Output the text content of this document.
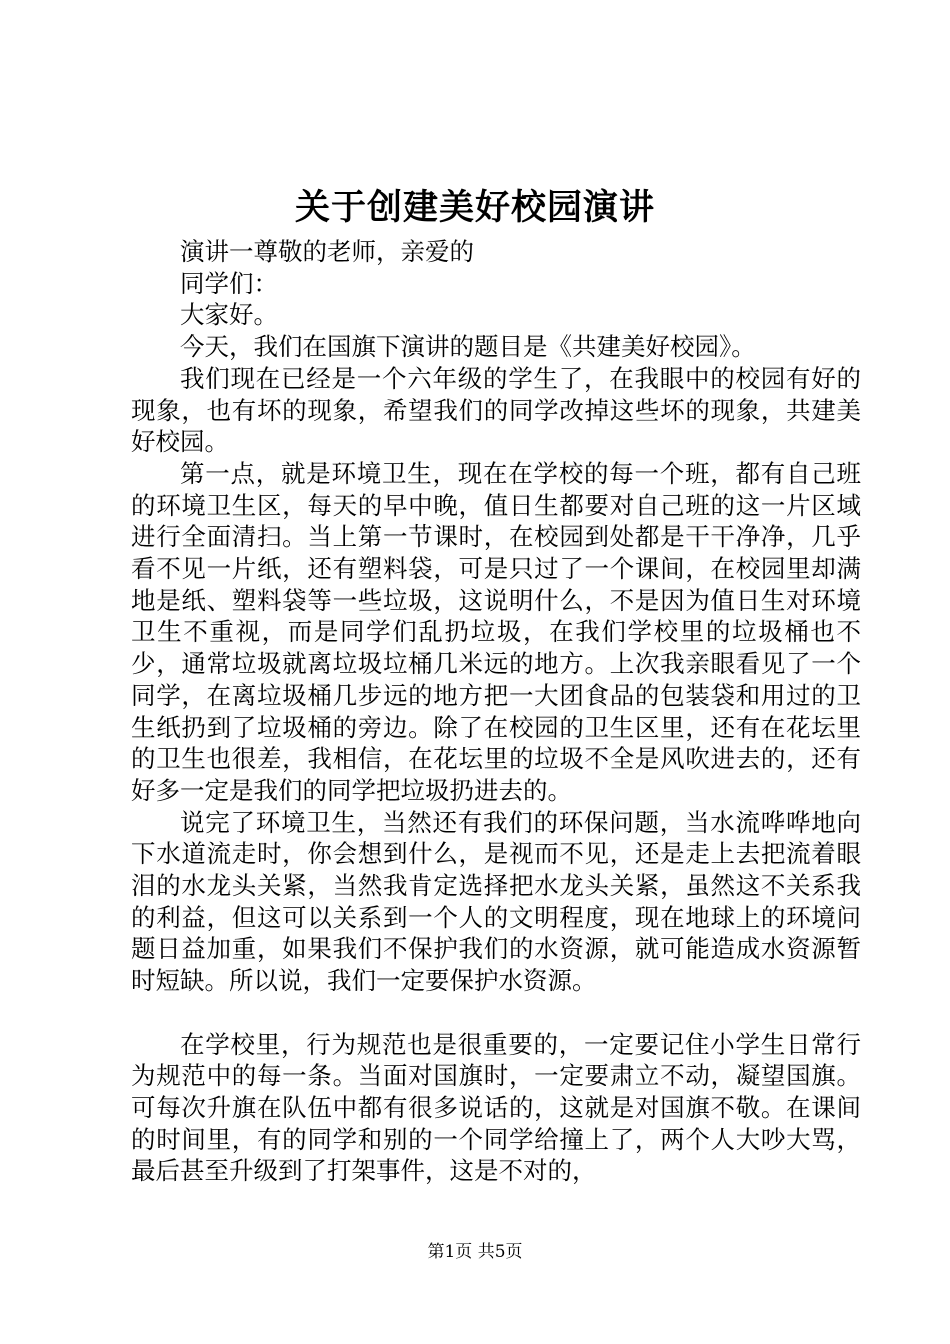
关于创建美好校园演讲

演讲一尊敬的老师，亲爱的

同学们：

大家好。

今天，我们在国旗下演讲的题目是《共建美好校园》。

我们现在已经是一个六年级的学生了，在我眼中的校园有好的现象，也有坏的现象，希望我们的同学改掉这些坏的现象，共建美好校园。

第一点，就是环境卫生，现在在学校的每一个班，都有自己班的环境卫生区，每天的早中晚，值日生都要对自己班的这一片区域进行全面清扫。当上第一节课时，在校园到处都是干干净净，几乎看不见一片纸，还有塑料袋，可是只过了一个课间，在校园里却满地是纸、塑料袋等一些垃圾，这说明什么，不是因为值日生对环境卫生不重视，而是同学们乱扔垃圾，在我们学校里的垃圾桶也不少，通常垃圾就离垃圾垃桶几米远的地方。上次我亲眼看见了一个同学，在离垃圾桶几步远的地方把一大团食品的包装袋和用过的卫生纸扔到了垃圾桶的旁边。除了在校园的卫生区里，还有在花坛里的卫生也很差，我相信，在花坛里的垃圾不全是风吹进去的，还有好多一定是我们的同学把垃圾扔进去的。

说完了环境卫生，当然还有我们的环保问题，当水流哗哗地向下水道流走时，你会想到什么，是视而不见，还是走上去把流着眼泪的水龙头关紧，当然我肯定选择把水龙头关紧，虽然这不关系我的利益，但这可以关系到一个人的文明程度，现在地球上的环境问题日益加重，如果我们不保护我们的水资源，就可能造成水资源暂时短缺。所以说，我们一定要保护水资源。

在学校里，行为规范也是很重要的，一定要记住小学生日常行为规范中的每一条。当面对国旗时，一定要肃立不动，凝望国旗。可每次升旗在队伍中都有很多说话的，这就是对国旗不敬。在课间的时间里，有的同学和别的一个同学给撞上了，两个人大吵大骂，最后甚至升级到了打架事件，这是不对的，

第1页 共5页
